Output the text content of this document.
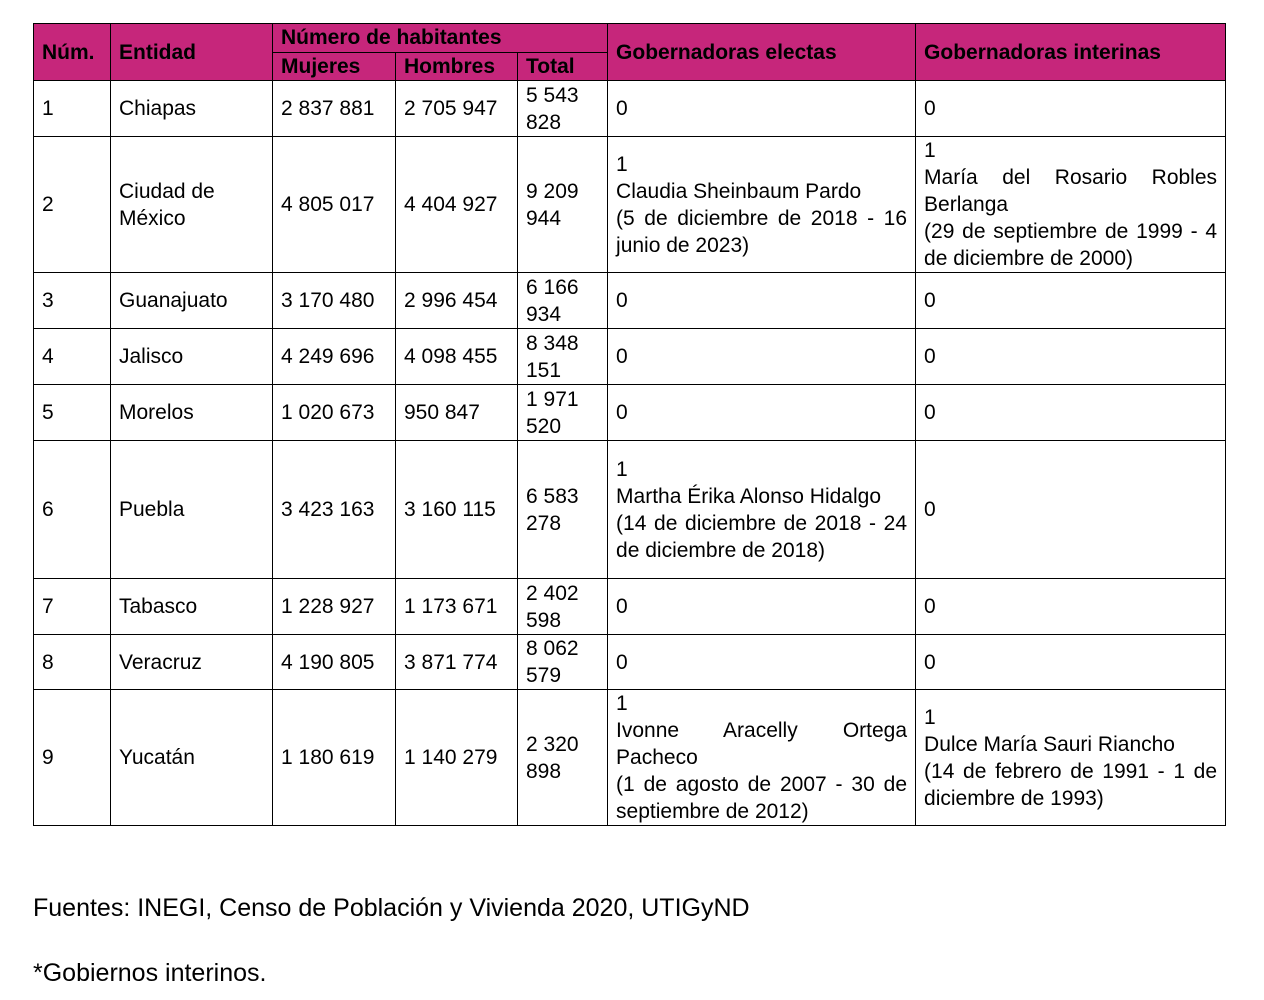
Núm.	Entidad	Número de habitantes			Gobernadoras electas	Gobernadoras interinas
		Mujeres	Hombres	Total		
1	Chiapas	2 837 881	2 705 947	5 543 828	0	0

2	Ciudad de México	4 805 017	4 404 927	9 209 944	1
Claudia Sheinbaum Pardo
(5 de diciembre de 2018 - 16 junio de 2023)	1
María del Rosario Robles Berlanga
(29 de septiembre de 1999 - 4 de diciembre de 2000)

3	Guanajuato	3 170 480	2 996 454	6 166 934	0	0

4	Jalisco	4 249 696	4 098 455	8 348 151	0	0

5	Morelos	1 020 673	950 847	1 971 520	0	0

6	Puebla	3 423 163	3 160 115	6 583 278	1
Martha Érika Alonso Hidalgo
(14 de diciembre de 2018 - 24 de diciembre de 2018)	0

7	Tabasco	1 228 927	1 173 671	2 402 598	0	0

8	Veracruz	4 190 805	3 871 774	8 062 579	0	0

9	Yucatán	1 180 619	1 140 279	2 320 898	1
Ivonne Aracelly Ortega Pacheco
(1 de agosto de 2007 - 30 de septiembre de 2012)	1
Dulce María Sauri Riancho
(14 de febrero de 1991 - 1 de diciembre de 1993)

Fuentes: INEGI, Censo de Población y Vivienda 2020, UTIGyND

*Gobiernos interinos.
